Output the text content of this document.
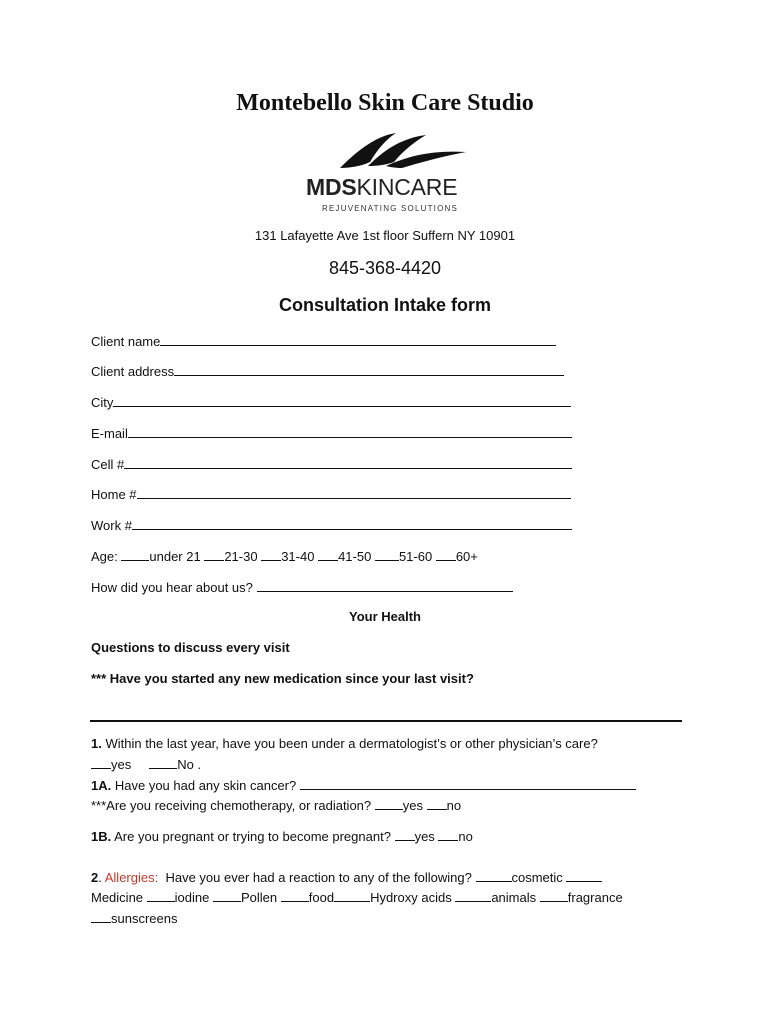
Montebello Skin Care Studio
MDSKINCARE
REJUVENATING SOLUTIONS
131 Lafayette Ave 1st floor Suffern NY 10901
845-368-4420
Consultation Intake form
Client name
Client address
City
E-mail
Cell #
Home #
Work #
Age: under 21 21-30 31-40 41-50 51-60 60+
How did you hear about us?
Your Health
Questions to discuss every visit
*** Have you started any new medication since your last visit?
1. Within the last year, have you been under a dermatologist’s or other physician’s care?
yes	No .
1A. Have you had any skin cancer?
***Are you receiving chemotherapy, or radiation? yes no
1B. Are you pregnant or trying to become pregnant? yes no
2. Allergies: Have you ever had a reaction to any of the following?	cosmetic
Medicine iodine Pollen food	Hydroxy acids	animals fragrance
sunscreens
